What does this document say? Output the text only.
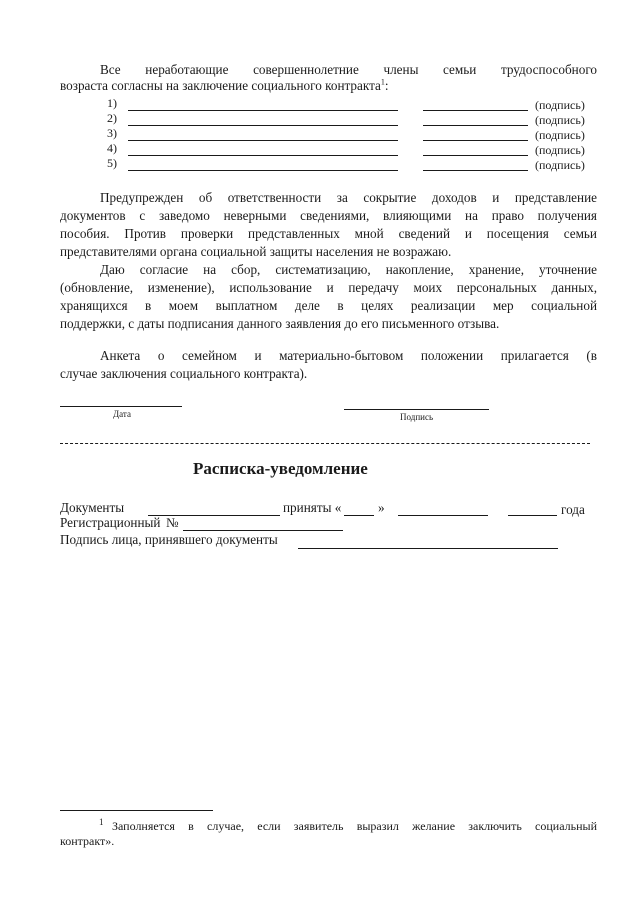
Все неработающие совершеннолетние члены семьи трудоспособного
возраста согласны на заключение социального контракта$^1$:
1)	(подпись)
2)	(подпись)
3)	(подпись)
4)	(подпись)
5)	(подпись)
Предупрежден об ответственности за сокрытие доходов и представление
документов с заведомо неверными сведениями, влияющими на право получения
пособия. Против проверки представленных мной сведений и посещения семьи
представителями органа социальной защиты населения не возражаю.
Даю согласие на сбор, систематизацию, накопление, хранение, уточнение
(обновление, изменение), использование и передачу моих персональных данных,
хранящихся в моем выплатном деле в целях реализации мер социальной
поддержки, с даты подписания данного заявления до его письменного отзыва.
Анкета о семейном и материально-бытовом положении прилагается (в
случае заключения социального контракта).
Дата	Подпись
Расписка-уведомление
Документы	приняты «	»	года
Регистрационный №
Подпись лица, принявшего документы
1 Заполняется в случае, если заявитель выразил желание заключить социальный
контракт».
